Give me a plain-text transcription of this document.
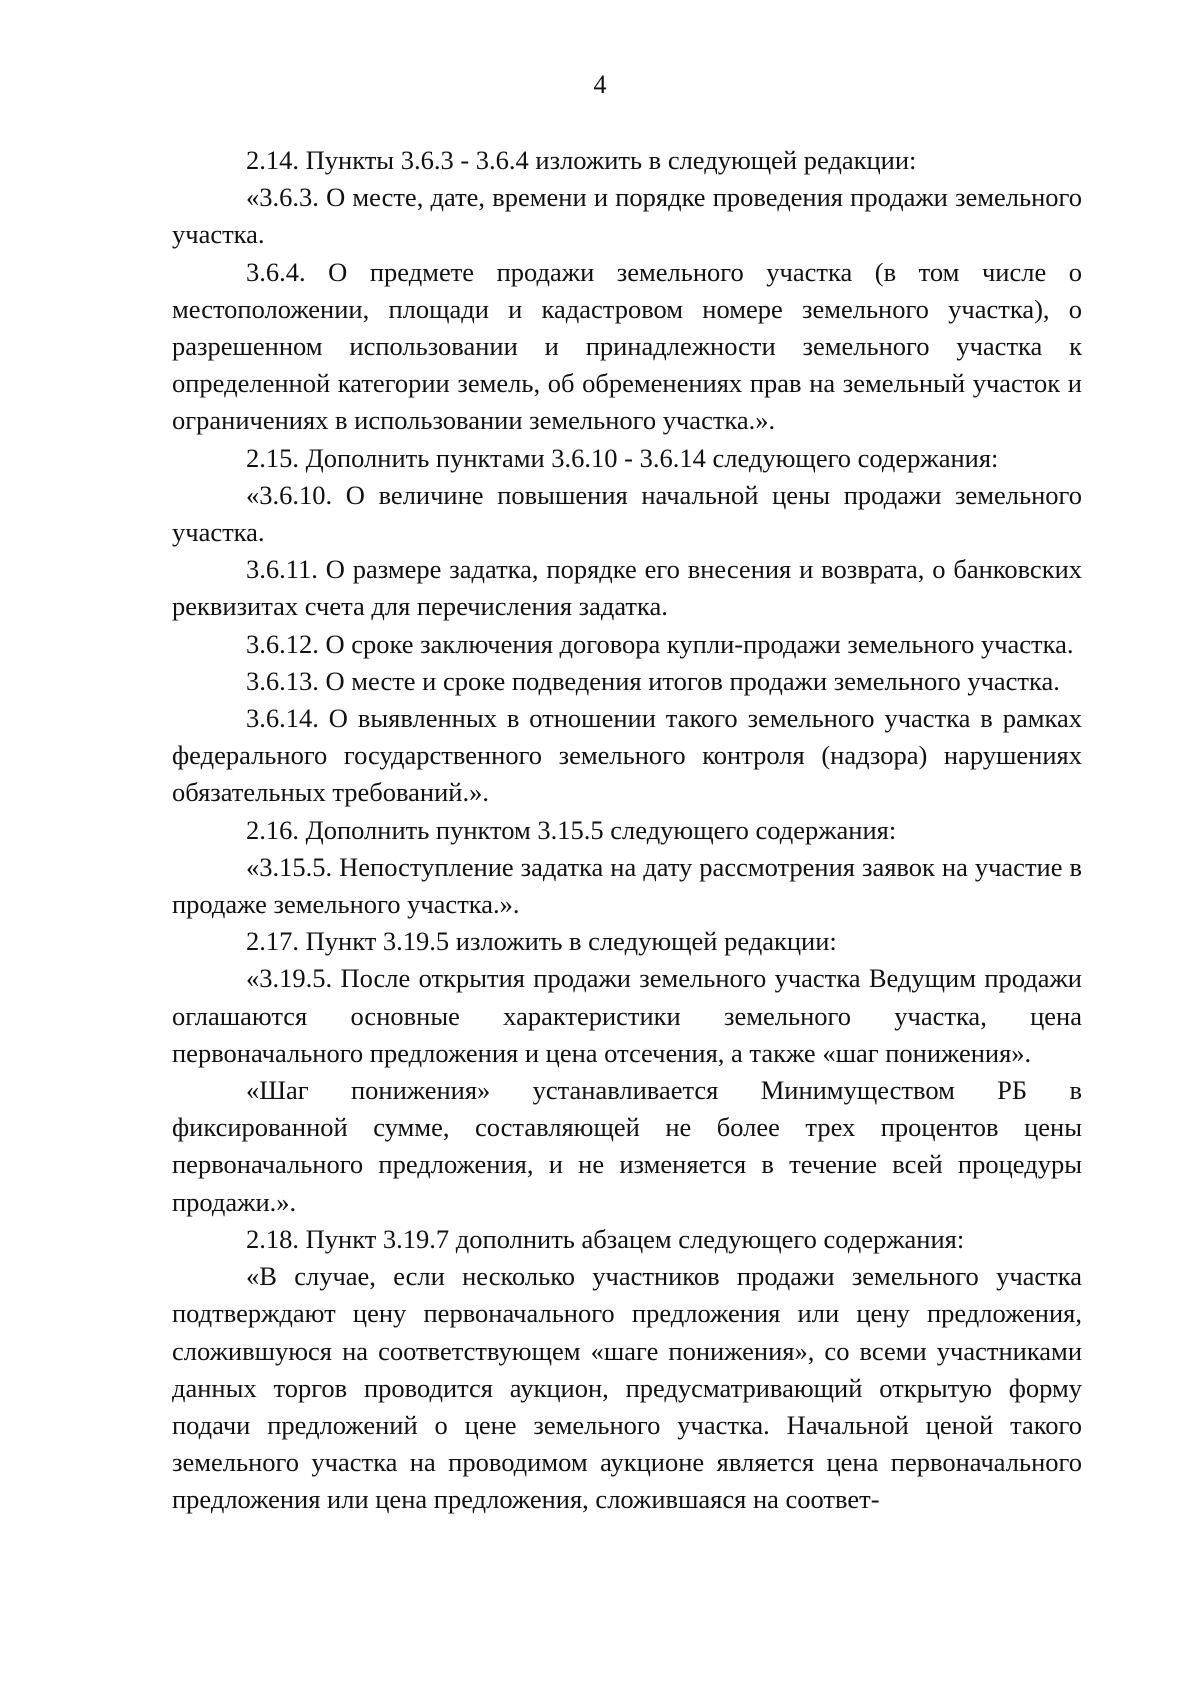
4

2.14. Пункты 3.6.3 - 3.6.4 изложить в следующей редакции:

«3.6.3. О месте, дате, времени и порядке проведения продажи земельного участка.

3.6.4. О предмете продажи земельного участка (в том числе о местоположении, площади и кадастровом номере земельного участка), о разрешенном использовании и принадлежности земельного участка к определенной категории земель, об обременениях прав на земельный участок и ограничениях в использовании земельного участка.».

2.15. Дополнить пунктами 3.6.10 - 3.6.14 следующего содержания:

«3.6.10. О величине повышения начальной цены продажи земельного участка.

3.6.11. О размере задатка, порядке его внесения и возврата, о банковских реквизитах счета для перечисления задатка.

3.6.12. О сроке заключения договора купли-продажи земельного участка.

3.6.13. О месте и сроке подведения итогов продажи земельного участка.

3.6.14. О выявленных в отношении такого земельного участка в рамках федерального государственного земельного контроля (надзора) нарушениях обязательных требований.».

2.16. Дополнить пунктом 3.15.5 следующего содержания:

«3.15.5. Непоступление задатка на дату рассмотрения заявок на участие в продаже земельного участка.».

2.17. Пункт 3.19.5 изложить в следующей редакции:

«3.19.5. После открытия продажи земельного участка Ведущим продажи оглашаются основные характеристики земельного участка, цена первоначального предложения и цена отсечения, а также «шаг понижения».

«Шаг понижения» устанавливается Минимуществом РБ в фиксированной сумме, составляющей не более трех процентов цены первоначального предложения, и не изменяется в течение всей процедуры продажи.».

2.18. Пункт 3.19.7 дополнить абзацем следующего содержания:

«В случае, если несколько участников продажи земельного участка подтверждают цену первоначального предложения или цену предложения, сложившуюся на соответствующем «шаге понижения», со всеми участниками данных торгов проводится аукцион, предусматривающий открытую форму подачи предложений о цене земельного участка. Начальной ценой такого земельного участка на проводимом аукционе является цена первоначального предложения или цена предложения, сложившаяся на соответ-
